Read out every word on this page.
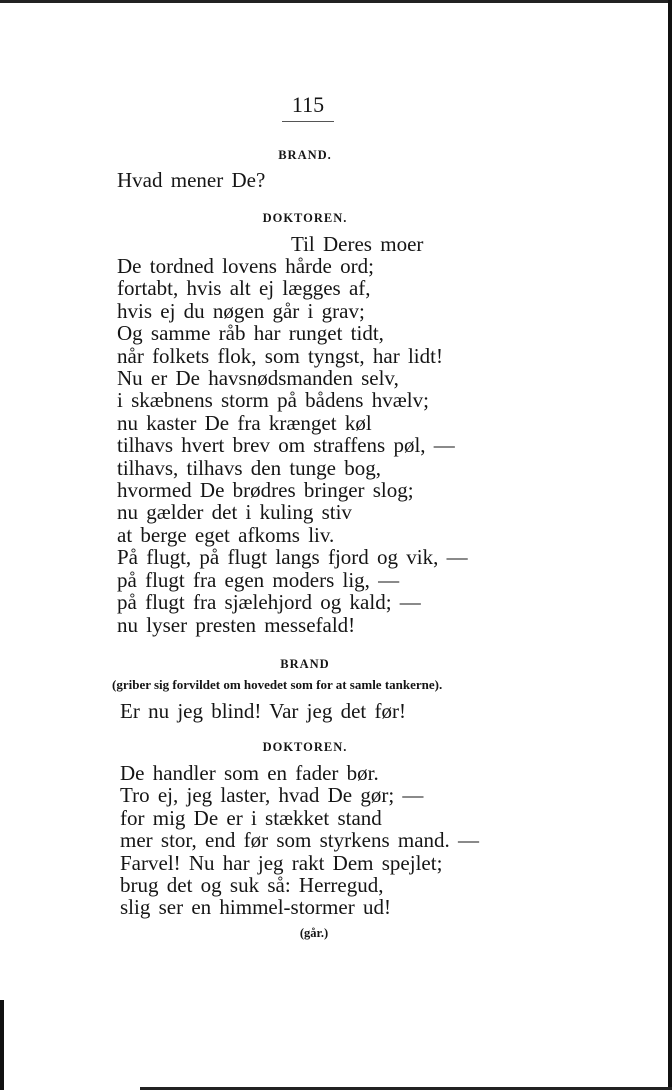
115
BRAND.
Hvad mener De?
DOKTOREN.
Til Deres moer
De tordned lovens hårde ord;
fortabt, hvis alt ej lægges af,
hvis ej du nøgen går i grav;
Og samme råb har runget tidt,
når folkets flok, som tyngst, har lidt!
Nu er De havsnødsmanden selv,
i skæbnens storm på bådens hvælv;
nu kaster De fra krænget køl
tilhavs hvert brev om straffens pøl, —
tilhavs, tilhavs den tunge bog,
hvormed De brødres bringer slog;
nu gælder det i kuling stiv
at berge eget afkoms liv.
På flugt, på flugt langs fjord og vik, —
på flugt fra egen moders lig, —
på flugt fra sjælehjord og kald; —
nu lyser presten messefald!
BRAND
(griber sig forvildet om hovedet som for at samle tankerne).
Er nu jeg blind! Var jeg det før!
DOKTOREN.
De handler som en fader bør.
Tro ej, jeg laster, hvad De gør; —
for mig De er i stækket stand
mer stor, end før som styrkens mand. —
Farvel! Nu har jeg rakt Dem spejlet;
brug det og suk så: Herregud,
slig ser en himmel-stormer ud!
(går.)
